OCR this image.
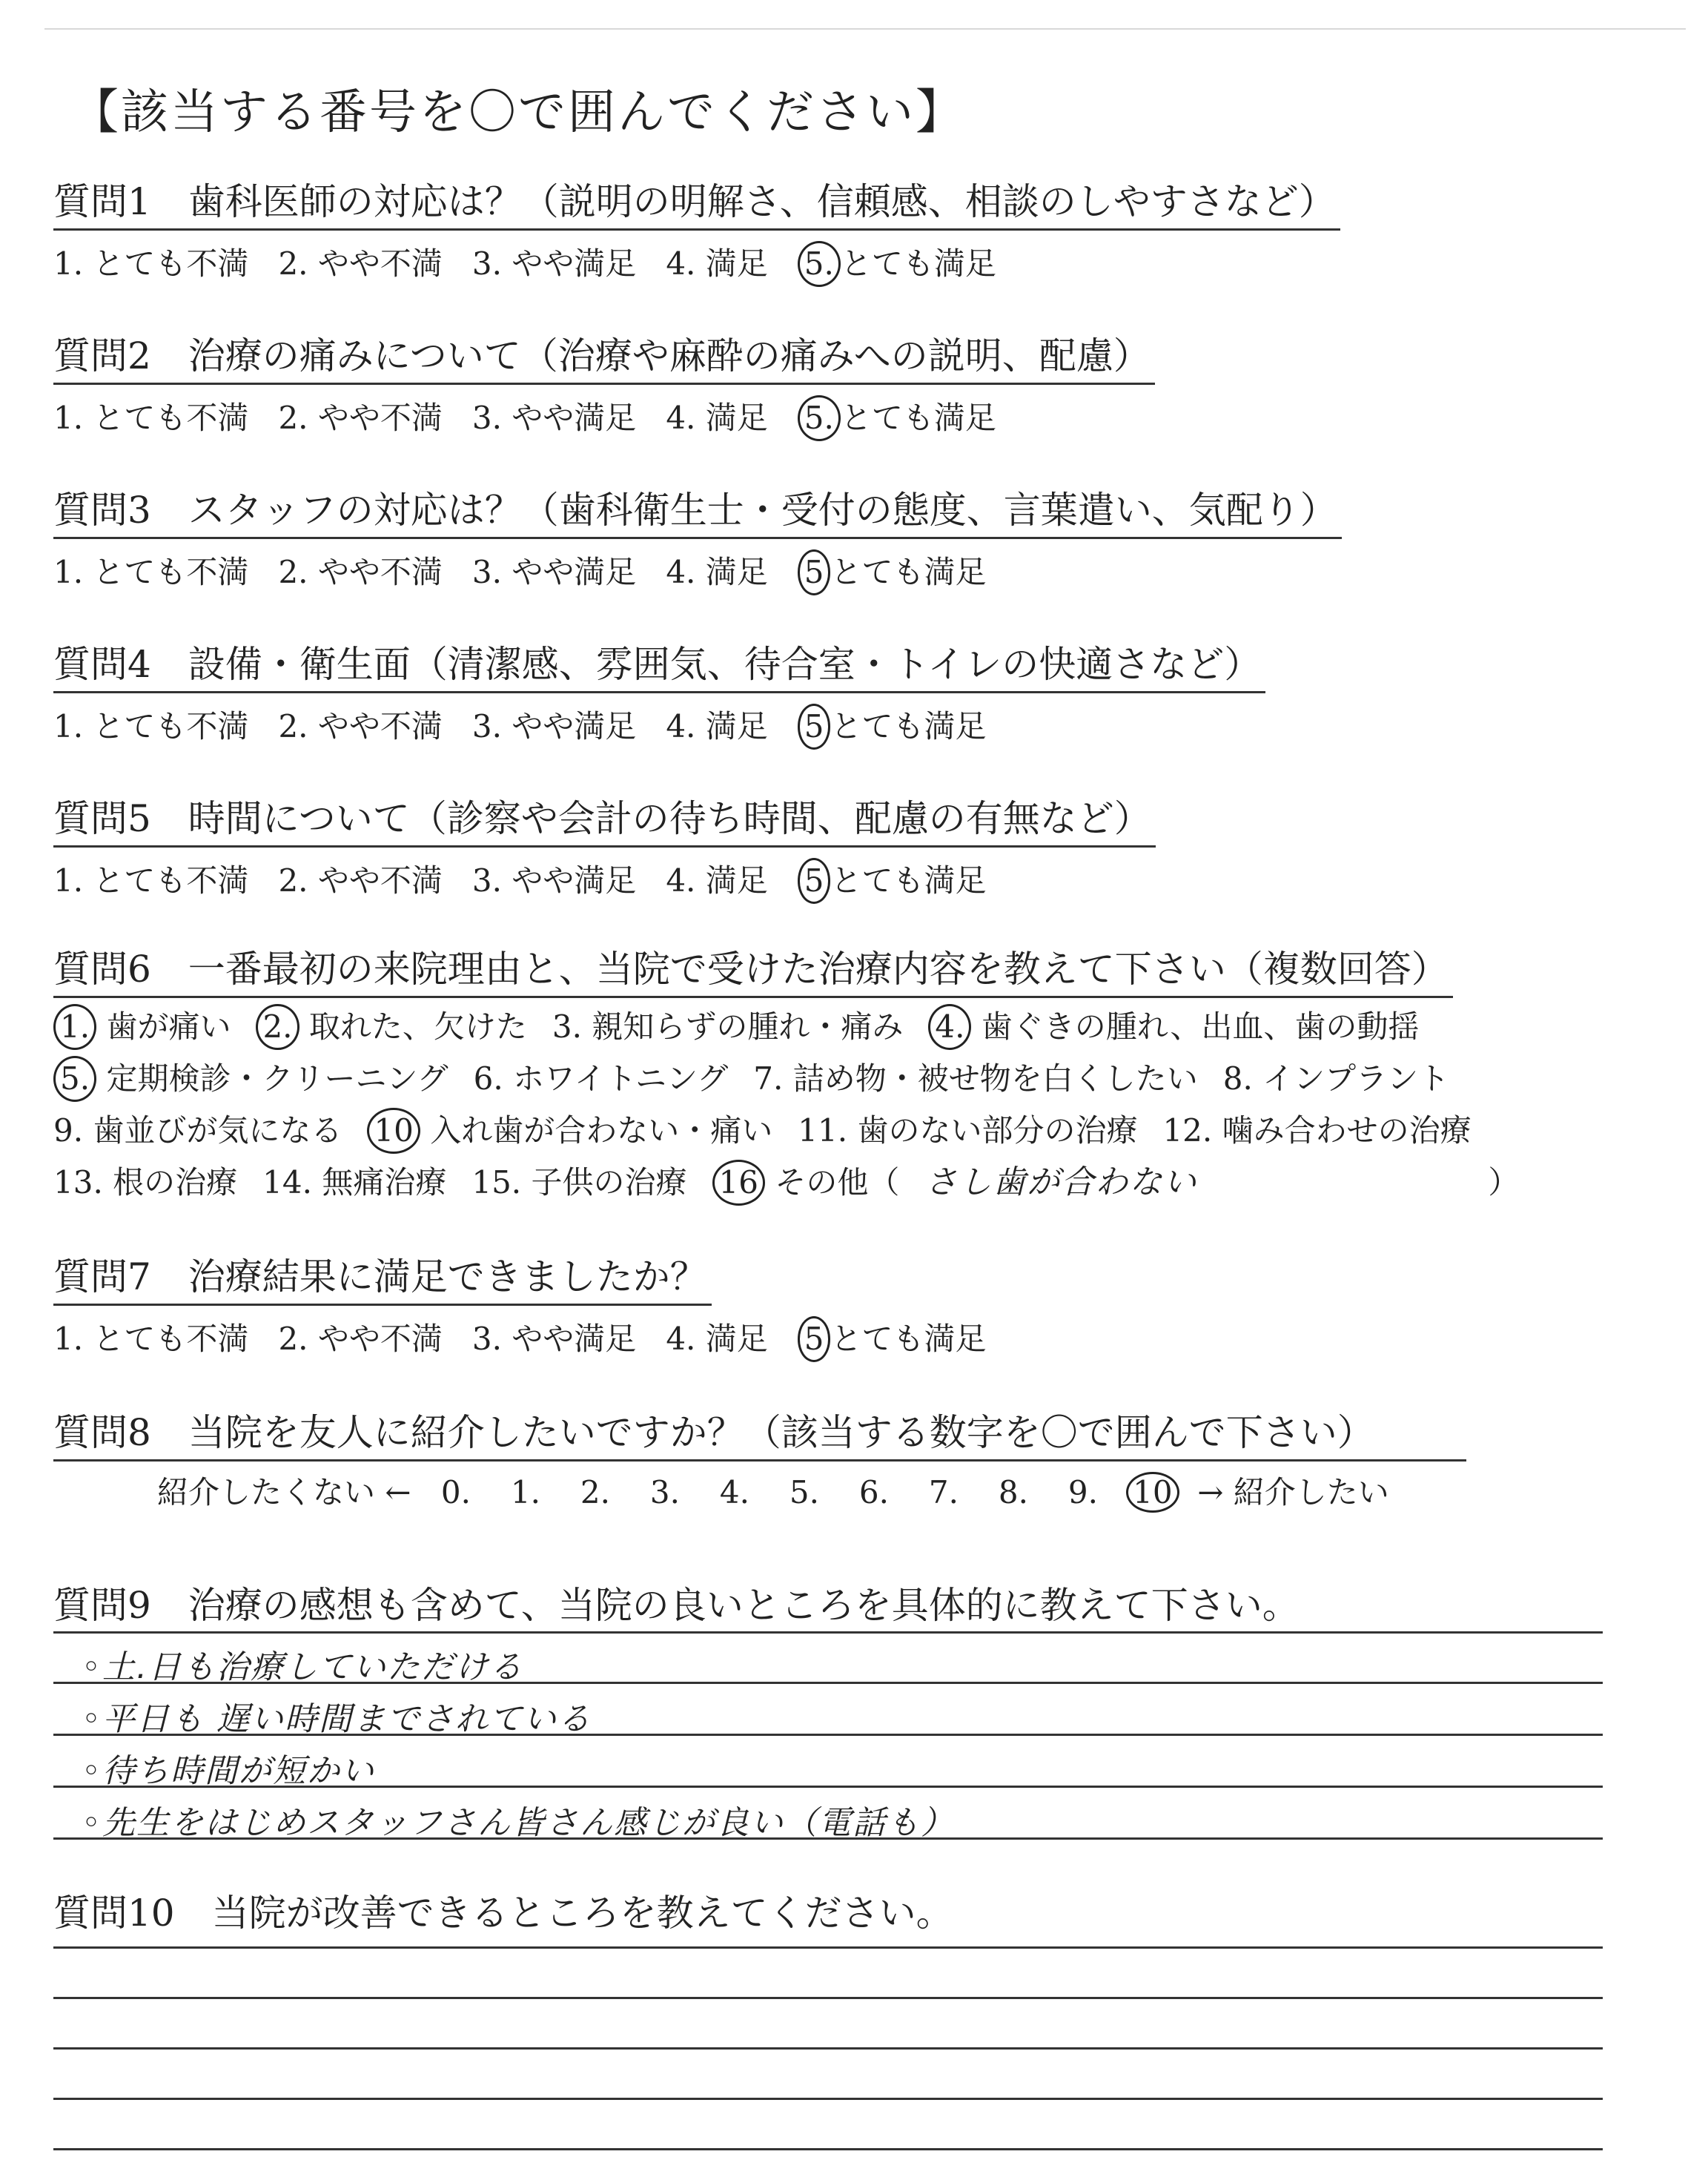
【該当する番号を〇で囲んでください】
質問1　歯科医師の対応は？（説明の明解さ、信頼感、相談のしやすさなど）
1. とても不満 2. やや不満 3. やや満足 4. 満足 5. とても満足
質問2　治療の痛みについて（治療や麻酔の痛みへの説明、配慮）
1. とても不満 2. やや不満 3. やや満足 4. 満足 5. とても満足
質問3　スタッフの対応は？（歯科衛生士・受付の態度、言葉遣い、気配り）
1. とても不満 2. やや不満 3. やや満足 4. 満足 5 とても満足
質問4　設備・衛生面（清潔感、雰囲気、待合室・トイレの快適さなど）
1. とても不満 2. やや不満 3. やや満足 4. 満足 5 とても満足
質問5　時間について（診察や会計の待ち時間、配慮の有無など）
1. とても不満 2. やや不満 3. やや満足 4. 満足 5 とても満足
質問6　一番最初の来院理由と、当院で受けた治療内容を教えて下さい（複数回答）
1. 歯が痛い 2. 取れた、欠けた 3. 親知らずの腫れ・痛み 4. 歯ぐきの腫れ、出血、歯の動揺
5. 定期検診・クリーニング 6. ホワイトニング 7. 詰め物・被せ物を白くしたい 8. インプラント
9. 歯並びが気になる 10 入れ歯が合わない・痛い 11. 歯のない部分の治療 12. 噛み合わせの治療
13. 根の治療 14. 無痛治療 15. 子供の治療 16 その他（ さし歯が合わない	）
質問7　治療結果に満足できましたか？
1. とても不満 2. やや不満 3. やや満足 4. 満足 5 とても満足
質問8　当院を友人に紹介したいですか？（該当する数字を〇で囲んで下さい）
紹介したくない ← 0. 1. 2. 3. 4. 5. 6. 7. 8. 9. 10 → 紹介したい
質問9　治療の感想も含めて、当院の良いところを具体的に教えて下さい。
◦土.日も治療していただける
◦平日も 遅い時間までされている
◦待ち時間が短かい
◦先生をはじめスタッフさん皆さん感じが良い（電話も）
質問10　当院が改善できるところを教えてください。
